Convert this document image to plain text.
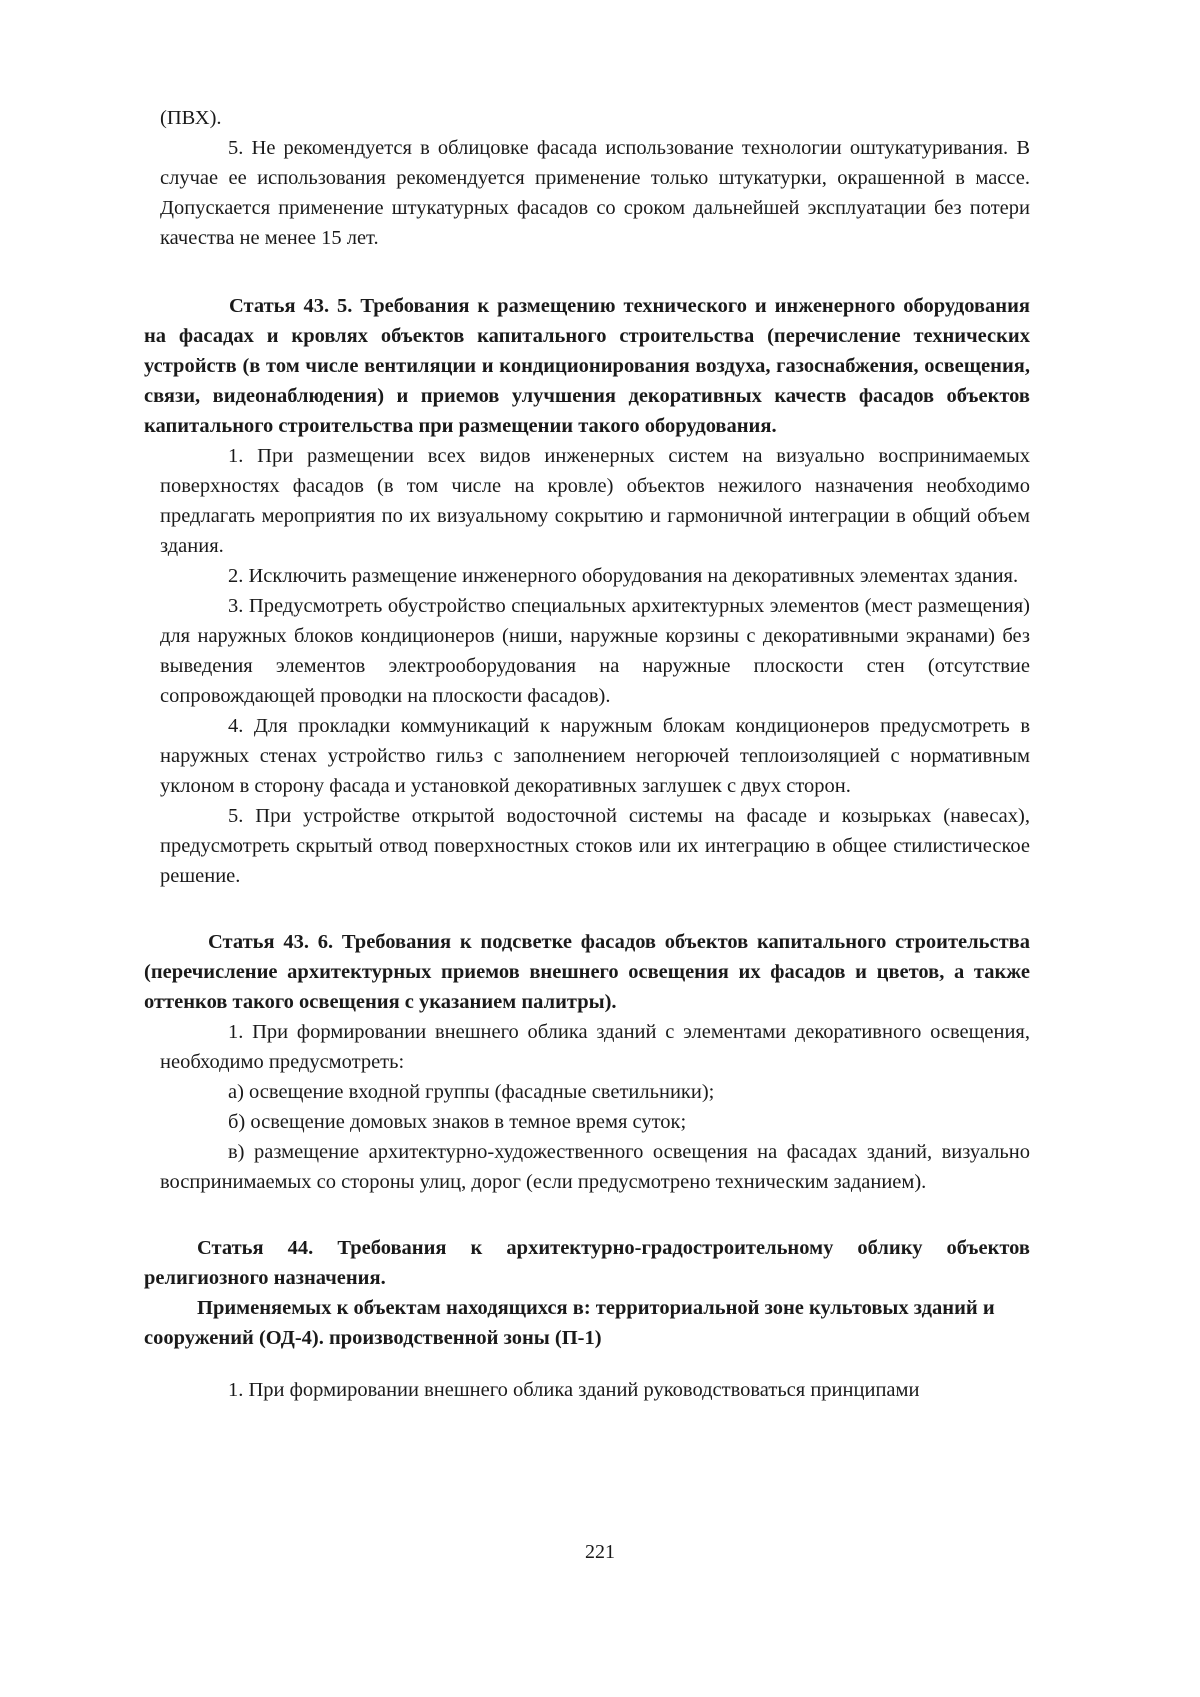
(ПВХ).

5. Не рекомендуется в облицовке фасада использование технологии оштукатуривания. В случае ее использования рекомендуется применение только штукатурки, окрашенной в массе. Допускается применение штукатурных фасадов со сроком дальнейшей эксплуатации без потери качества не менее 15 лет.

Статья 43. 5. Требования к размещению технического и инженерного оборудования на фасадах и кровлях объектов капитального строительства (перечисление технических устройств (в том числе вентиляции и кондиционирования воздуха, газоснабжения, освещения, связи, видеонаблюдения) и приемов улучшения декоративных качеств фасадов объектов капитального строительства при размещении такого оборудования.

1. При размещении всех видов инженерных систем на визуально воспринимаемых поверхностях фасадов (в том числе на кровле) объектов нежилого назначения необходимо предлагать мероприятия по их визуальному сокрытию и гармоничной интеграции в общий объем здания.

2. Исключить размещение инженерного оборудования на декоративных элементах здания.

3. Предусмотреть обустройство специальных архитектурных элементов (мест размещения) для наружных блоков кондиционеров (ниши, наружные корзины с декоративными экранами) без выведения элементов электрооборудования на наружные плоскости стен (отсутствие сопровождающей проводки на плоскости фасадов).

4. Для прокладки коммуникаций к наружным блокам кондиционеров предусмотреть в наружных стенах устройство гильз с заполнением негорючей теплоизоляцией с нормативным уклоном в сторону фасада и установкой декоративных заглушек с двух сторон.

5. При устройстве открытой водосточной системы на фасаде и козырьках (навесах), предусмотреть скрытый отвод поверхностных стоков или их интеграцию в общее стилистическое решение.

Статья 43. 6. Требования к подсветке фасадов объектов капитального строительства (перечисление архитектурных приемов внешнего освещения их фасадов и цветов, а также оттенков такого освещения с указанием палитры).

1. При формировании внешнего облика зданий с элементами декоративного освещения, необходимо предусмотреть:

а) освещение входной группы (фасадные светильники);

б) освещение домовых знаков в темное время суток;

в) размещение архитектурно-художественного освещения на фасадах зданий, визуально воспринимаемых со стороны улиц, дорог (если предусмотрено техническим заданием).

Статья 44. Требования к архитектурно-градостроительному облику объектов религиозного назначения.

Применяемых к объектам находящихся в: территориальной зоне культовых зданий и сооружений (ОД-4). производственной зоны (П-1)

1. При формировании внешнего облика зданий руководствоваться принципами

221
